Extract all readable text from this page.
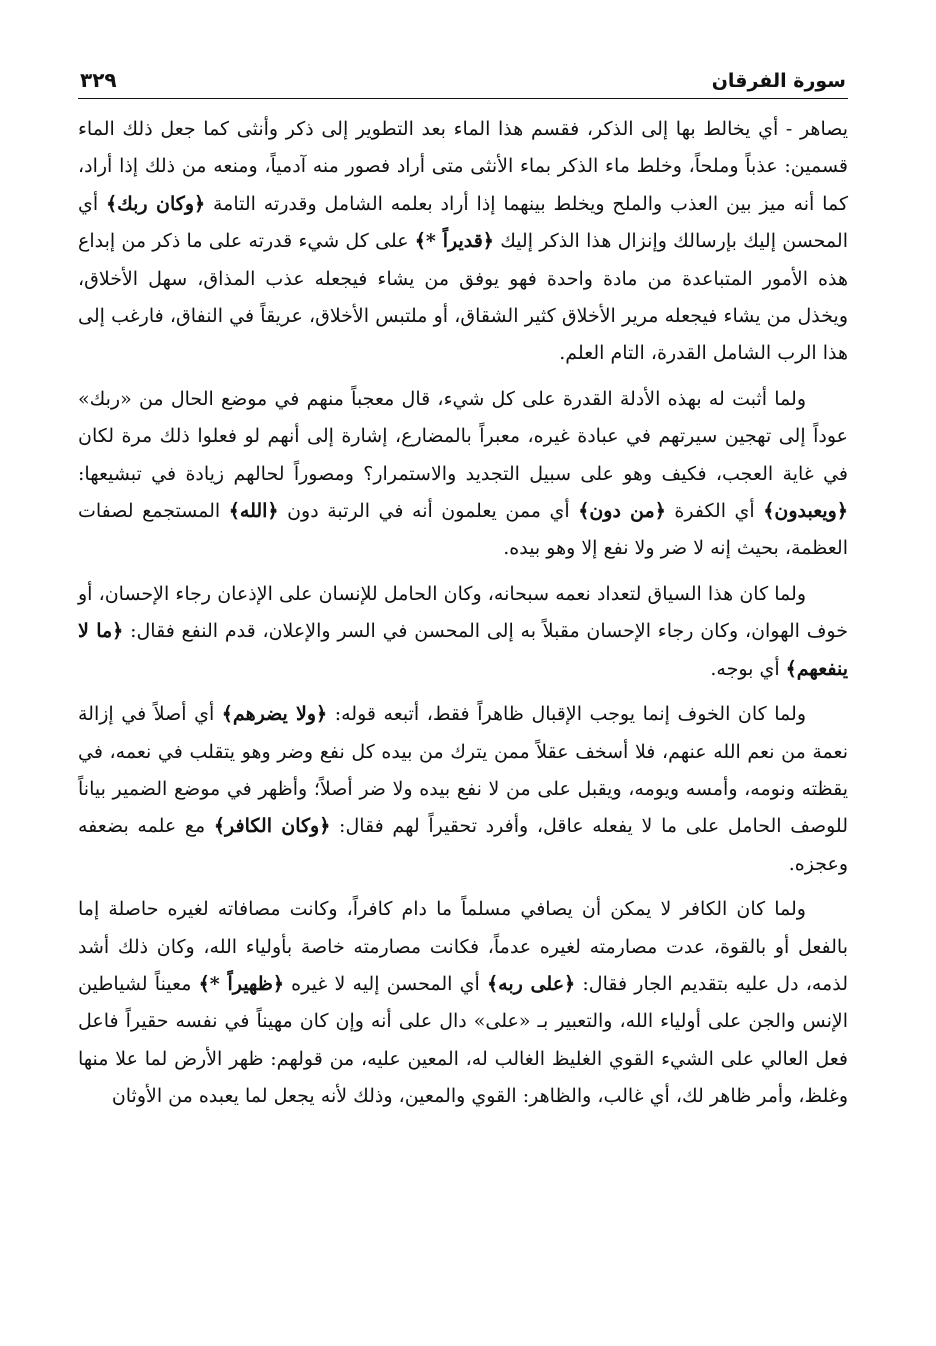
سورة الفرقان
٣٢٩

يصاهر - أي يخالط بها إلى الذكر، فقسم هذا الماء بعد التطوير إلى ذكر وأنثى كما جعل ذلك الماء قسمين: عذباً وملحاً، وخلط ماء الذكر بماء الأنثى متى أراد فصور منه آدمياً، ومنعه من ذلك إذا أراد، كما أنه ميز بين العذب والملح ويخلط بينهما إذا أراد بعلمه الشامل وقدرته التامة ﴿وكان ربك﴾ أي المحسن إليك بإرسالك وإنزال هذا الذكر إليك ﴿قديراً *﴾ على كل شيء قدرته على ما ذكر من إبداع هذه الأمور المتباعدة من مادة واحدة فهو يوفق من يشاء فيجعله عذب المذاق، سهل الأخلاق، ويخذل من يشاء فيجعله مرير الأخلاق كثير الشقاق، أو ملتبس الأخلاق، عريقاً في النفاق، فارغب إلى هذا الرب الشامل القدرة، التام العلم.

ولما أثبت له بهذه الأدلة القدرة على كل شيء، قال معجباً منهم في موضع الحال من «ربك» عوداً إلى تهجين سيرتهم في عبادة غيره، معبراً بالمضارع، إشارة إلى أنهم لو فعلوا ذلك مرة لكان في غاية العجب، فكيف وهو على سبيل التجديد والاستمرار؟ ومصوراً لحالهم زيادة في تبشيعها: ﴿ويعبدون﴾ أي الكفرة ﴿من دون﴾ أي ممن يعلمون أنه في الرتبة دون ﴿الله﴾ المستجمع لصفات العظمة، بحيث إنه لا ضر ولا نفع إلا وهو بيده.

ولما كان هذا السياق لتعداد نعمه سبحانه، وكان الحامل للإنسان على الإذعان رجاء الإحسان، أو خوف الهوان، وكان رجاء الإحسان مقبلاً به إلى المحسن في السر والإعلان، قدم النفع فقال: ﴿ما لا ينفعهم﴾ أي بوجه.

ولما كان الخوف إنما يوجب الإقبال ظاهراً فقط، أتبعه قوله: ﴿ولا يضرهم﴾ أي أصلاً في إزالة نعمة من نعم الله عنهم، فلا أسخف عقلاً ممن يترك من بيده كل نفع وضر وهو يتقلب في نعمه، في يقظته ونومه، وأمسه ويومه، ويقبل على من لا نفع بيده ولا ضر أصلاً؛ وأظهر في موضع الضمير بياناً للوصف الحامل على ما لا يفعله عاقل، وأفرد تحقيراً لهم فقال: ﴿وكان الكافر﴾ مع علمه بضعفه وعجزه.

ولما كان الكافر لا يمكن أن يصافي مسلماً ما دام كافراً، وكانت مصافاته لغيره حاصلة إما بالفعل أو بالقوة، عدت مصارمته لغيره عدماً، فكانت مصارمته خاصة بأولياء الله، وكان ذلك أشد لذمه، دل عليه بتقديم الجار فقال: ﴿على ربه﴾ أي المحسن إليه لا غيره ﴿ظهيراً *﴾ معيناً لشياطين الإنس والجن على أولياء الله، والتعبير بـ «على» دال على أنه وإن كان مهيناً في نفسه حقيراً فاعل فعل العالي على الشيء القوي الغليظ الغالب له، المعين عليه، من قولهم: ظهر الأرض لما علا منها وغلظ، وأمر ظاهر لك، أي غالب، والظاهر: القوي والمعين، وذلك لأنه يجعل لما يعبده من الأوثان
